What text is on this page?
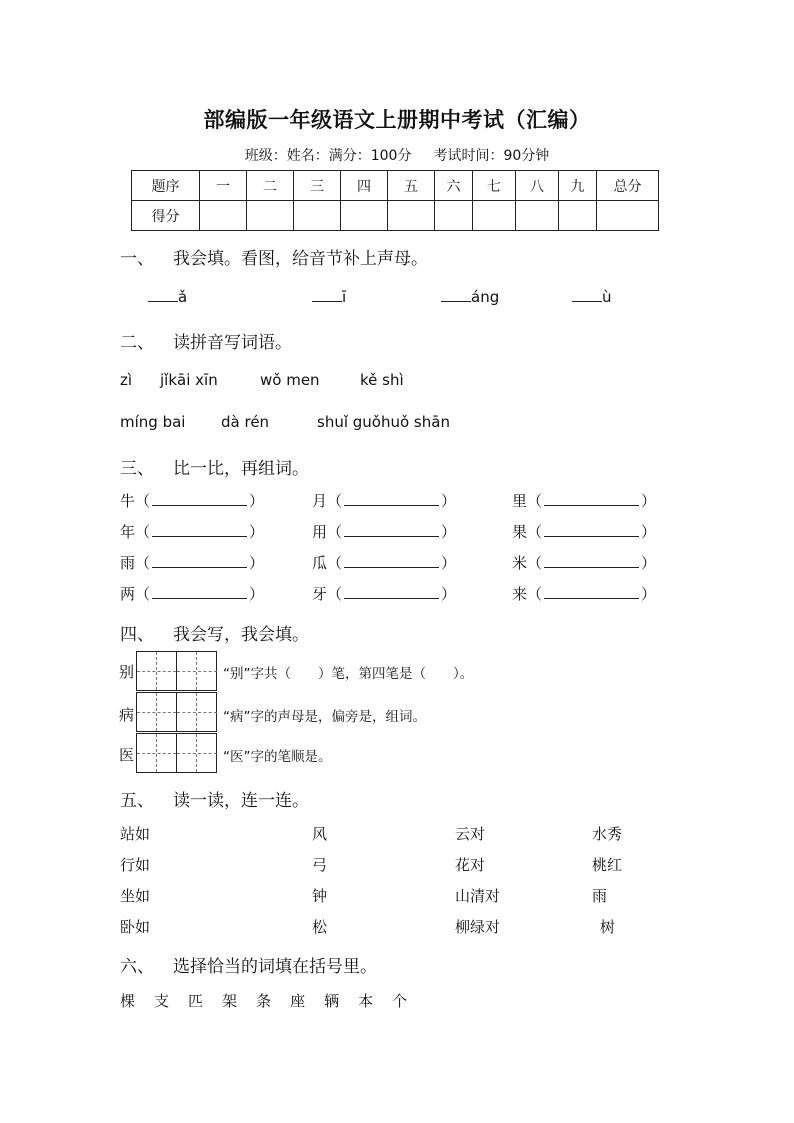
部编版一年级语文上册期中考试（汇编）
班级：姓名：满分：100分 考试时间：90分钟
题序	一	二	三	四	五	六	七	八	九	总分
得分										
一、 我会填。看图，给音节补上声母。
ǎ	ī	áng	ù
二、 读拼音写词语。
zì jǐkāi xīn	wǒ men	kě shì
míng bai dà rén	shuǐ guǒhuǒ shān
三、 比一比，再组词。
牛（	）	月（	）	里（	）
年（	）	用（	）	果（	）
雨（	）	瓜（	）	米（	）
两（	）	牙（	）	来（	）
四、 我会写，我会填。
别	“别”字共（　　）笔，第四笔是（　　）。
病	“病”字的声母是，偏旁是，组词。
医	“医”字的笔顺是。
五、 读一读，连一连。
站如	风	云对	水秀
行如	弓	花对	桃红
坐如	钟	山清对	雨
卧如	松	柳绿对	树
六、 选择恰当的词填在括号里。
棵 支 匹 架 条 座 辆 本 个
